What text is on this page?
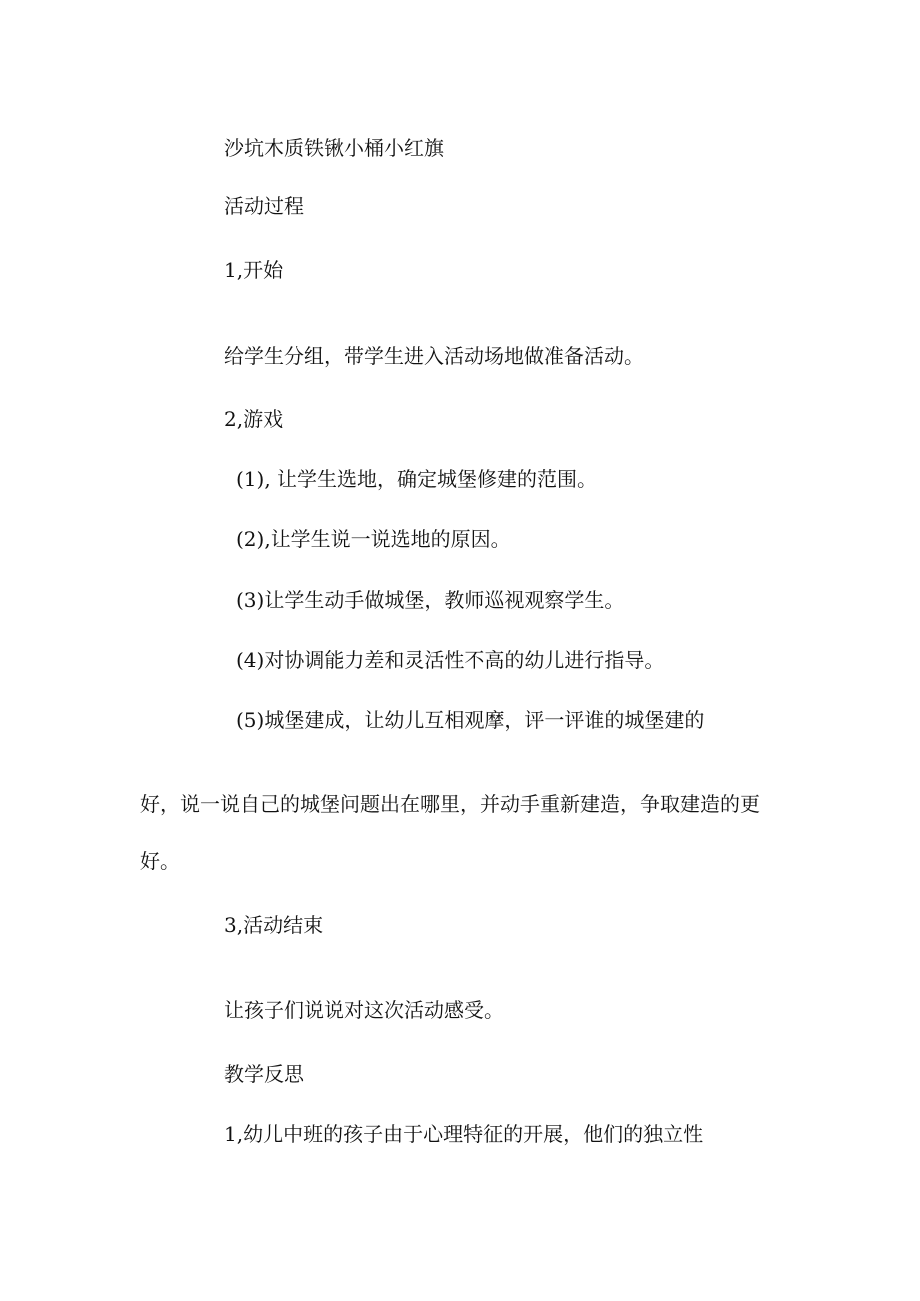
沙坑木质铁锹小桶小红旗

活动过程

1,开始

给学生分组，带学生进入活动场地做准备活动。

2,游戏

(1), 让学生选地，确定城堡修建的范围。

(2),让学生说一说选地的原因。

(3)让学生动手做城堡，教师巡视观察学生。

(4)对协调能力差和灵活性不高的幼儿进行指导。

(5)城堡建成，让幼儿互相观摩，评一评谁的城堡建的

好，说一说自己的城堡问题出在哪里，并动手重新建造，争取建造的更

好。

3,活动结束

让孩子们说说对这次活动感受。

教学反思

1,幼儿中班的孩子由于心理特征的开展，他们的独立性
